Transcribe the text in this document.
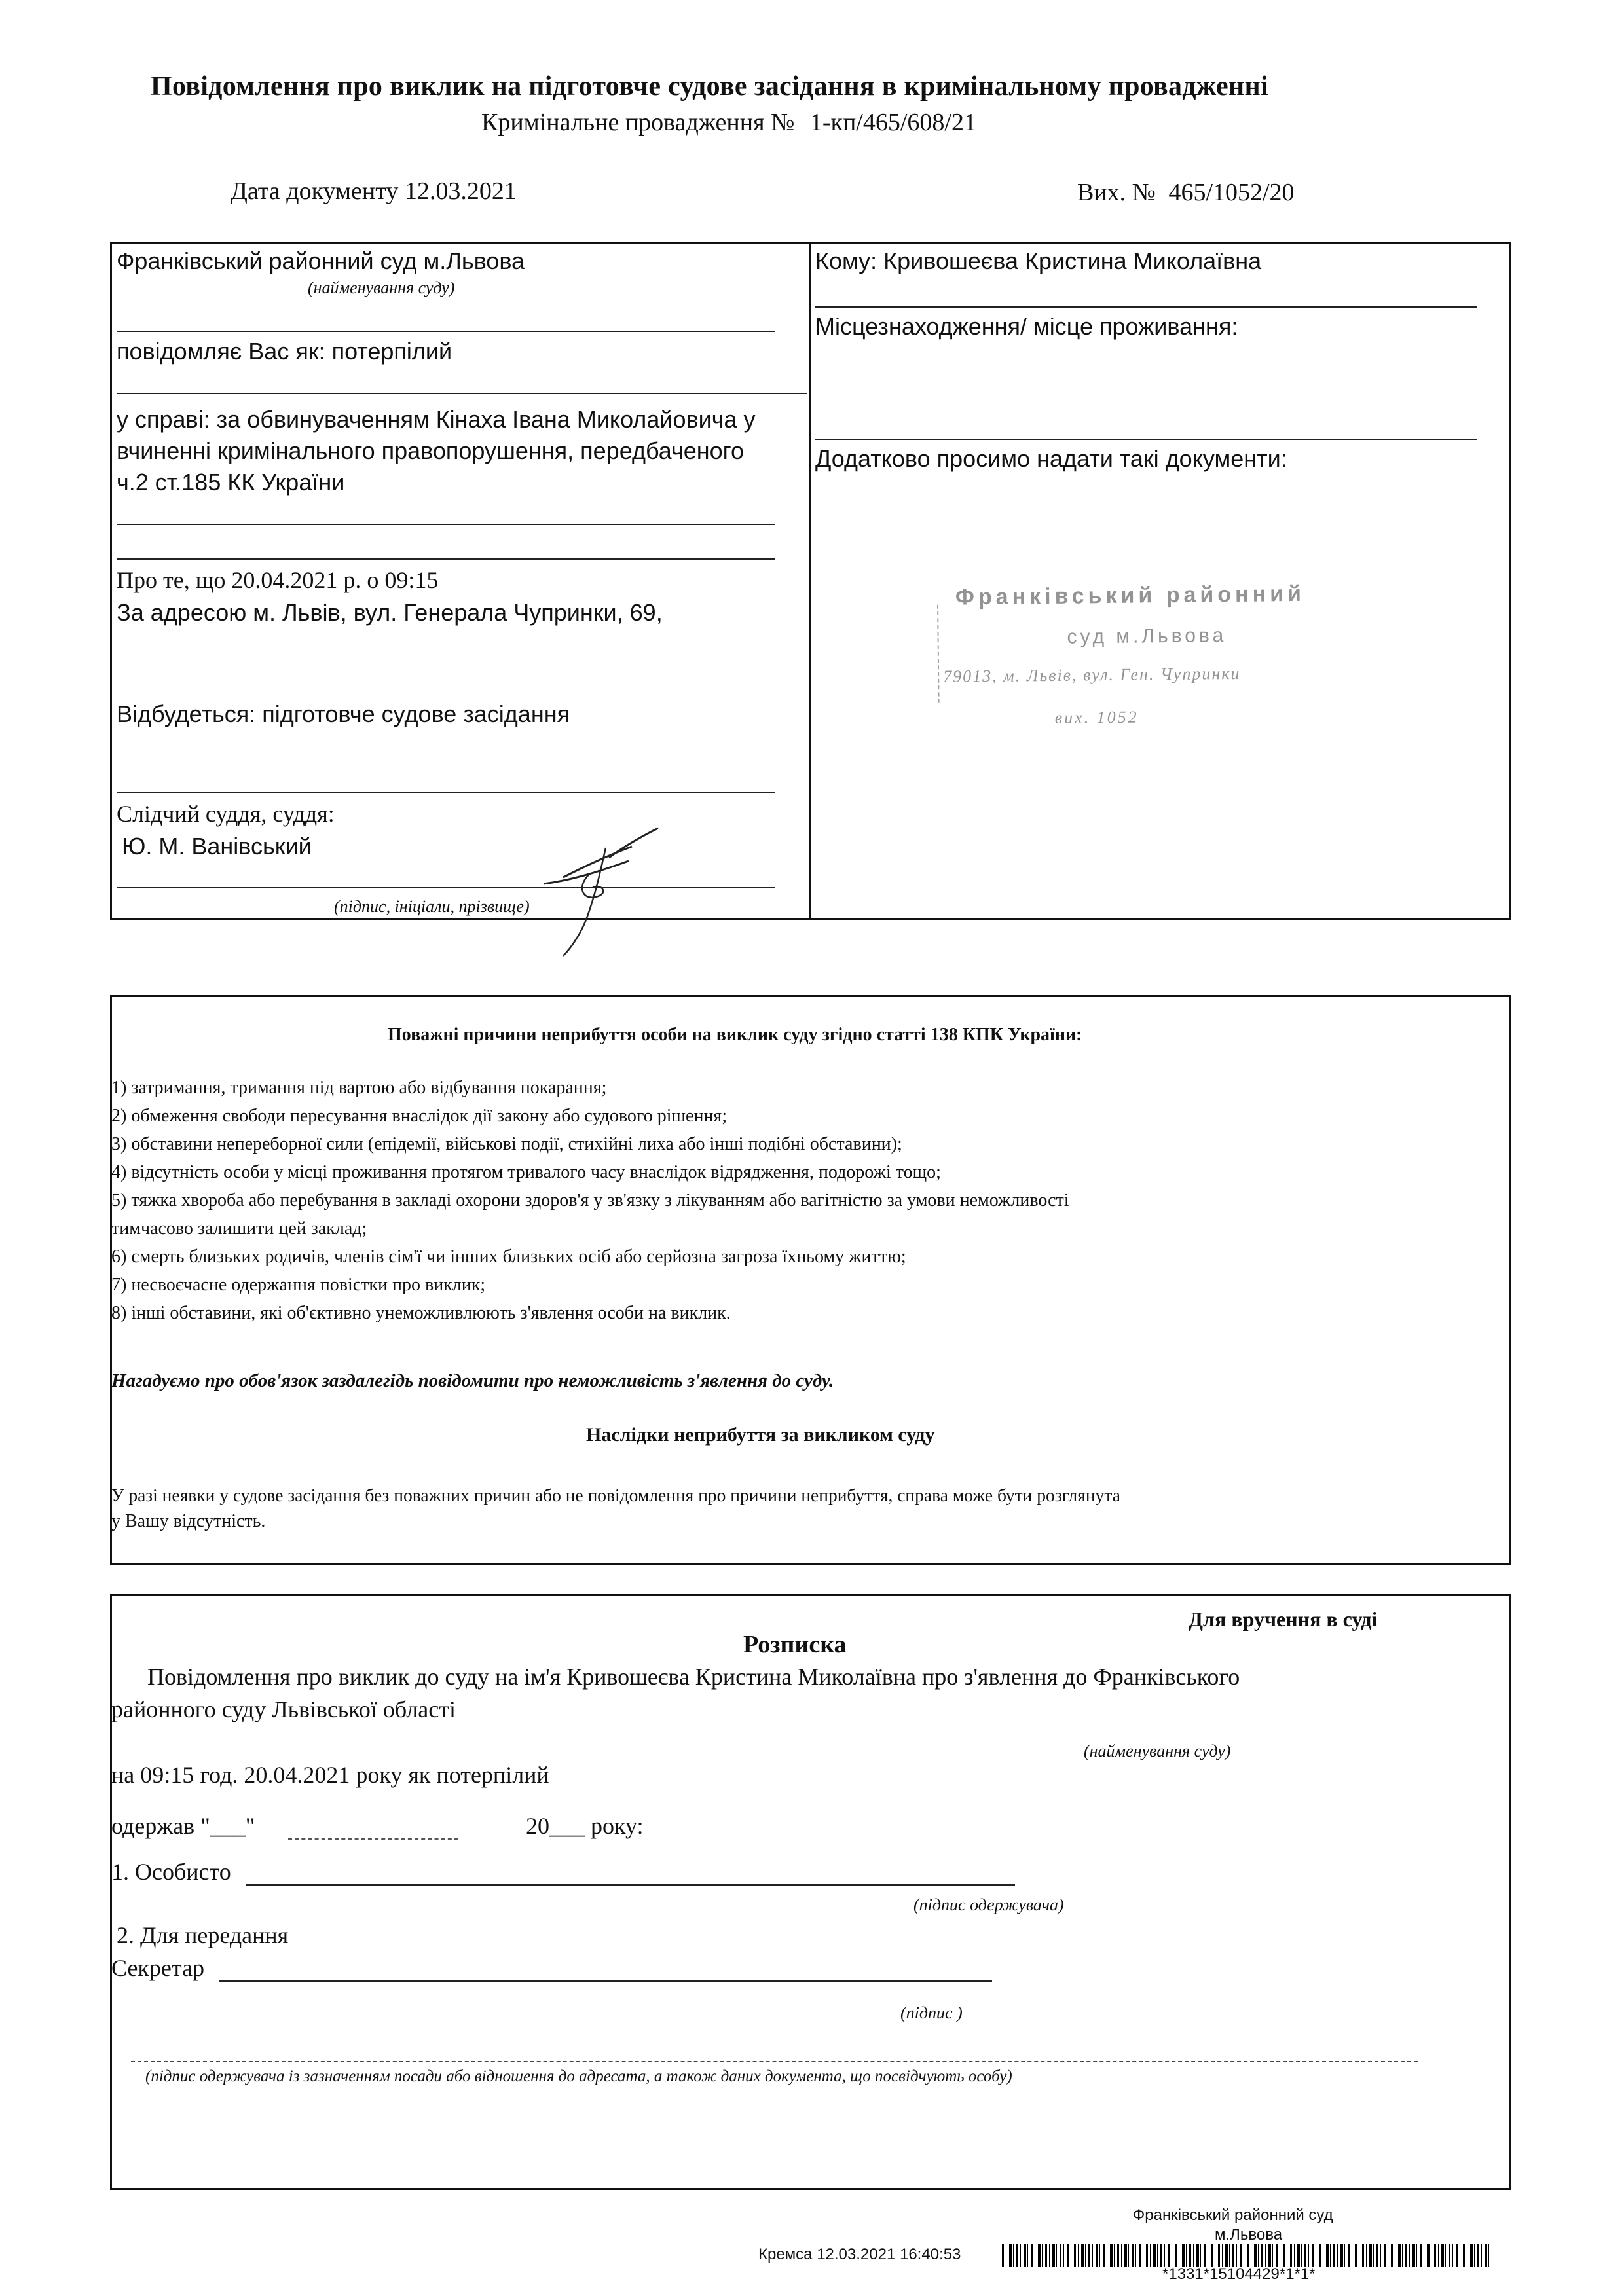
Повідомлення про виклик на підготовче судове засідання в кримінальному провадженні
Кримінальне провадження № 1-кп/465/608/21
Дата документу 12.03.2021	Вих. № 465/1052/20
Франківський районний суд м.Львова
(найменування суду)
повідомляє Вас як: потерпілий
у справі: за обвинуваченням Кінаха Івана Миколайовича у
вчиненні кримінального правопорушення, передбаченого
ч.2 ст.185 КК України
Про те, що 20.04.2021 р. о 09:15
За адресою м. Львів, вул. Генерала Чупринки, 69,
Відбудеться: підготовче судове засідання
Слідчий суддя, суддя:
Ю. М. Ванівський
(підпис, ініціали, прізвище)
Кому: Кривошеєва Кристина Миколаївна
Місцезнаходження/ місце проживання:
Додатково просимо надати такі документи:
Франківський районний
суд м.Львова
79013, м. Львів, вул. Ген. Чупринки
вих. 1052
Поважні причини неприбуття особи на виклик суду згідно статті 138 КПК України:
1) затримання, тримання під вартою або відбування покарання;
2) обмеження свободи пересування внаслідок дії закону або судового рішення;
3) обставини непереборної сили (епідемії, військові події, стихійні лиха або інші подібні обставини);
4) відсутність особи у місці проживання протягом тривалого часу внаслідок відрядження, подорожі тощо;
5) тяжка хвороба або перебування в закладі охорони здоров'я у зв'язку з лікуванням або вагітністю за умови неможливості
тимчасово залишити цей заклад;
6) смерть близьких родичів, членів сім'ї чи інших близьких осіб або серйозна загроза їхньому життю;
7) несвоєчасне одержання повістки про виклик;
8) інші обставини, які об'єктивно унеможливлюють з'явлення особи на виклик.
Нагадуємо про обов'язок заздалегідь повідомити про неможливість з'явлення до суду.
Наслідки неприбуття за викликом суду
У разі неявки у судове засідання без поважних причин або не повідомлення про причини неприбуття, справа може бути розглянута
у Вашу відсутність.
Для вручення в суді
Розписка
Повідомлення про виклик до суду на ім'я Кривошеєва Кристина Миколаївна про з'явлення до Франківського
районного суду Львівської області
(найменування суду)
на 09:15 год. 20.04.2021 року як потерпілий
одержав "___"	20___ року:
1. Особисто
(підпис одержувача)
2. Для передання
Секретар
(підпис )
(підпис одержувача із зазначенням посади або відношення до адресата, а також даних документа, що посвідчують особу)
Франківський районний суд
м.Львова
Кремса 12.03.2021 16:40:53
*1331*15104429*1*1*
